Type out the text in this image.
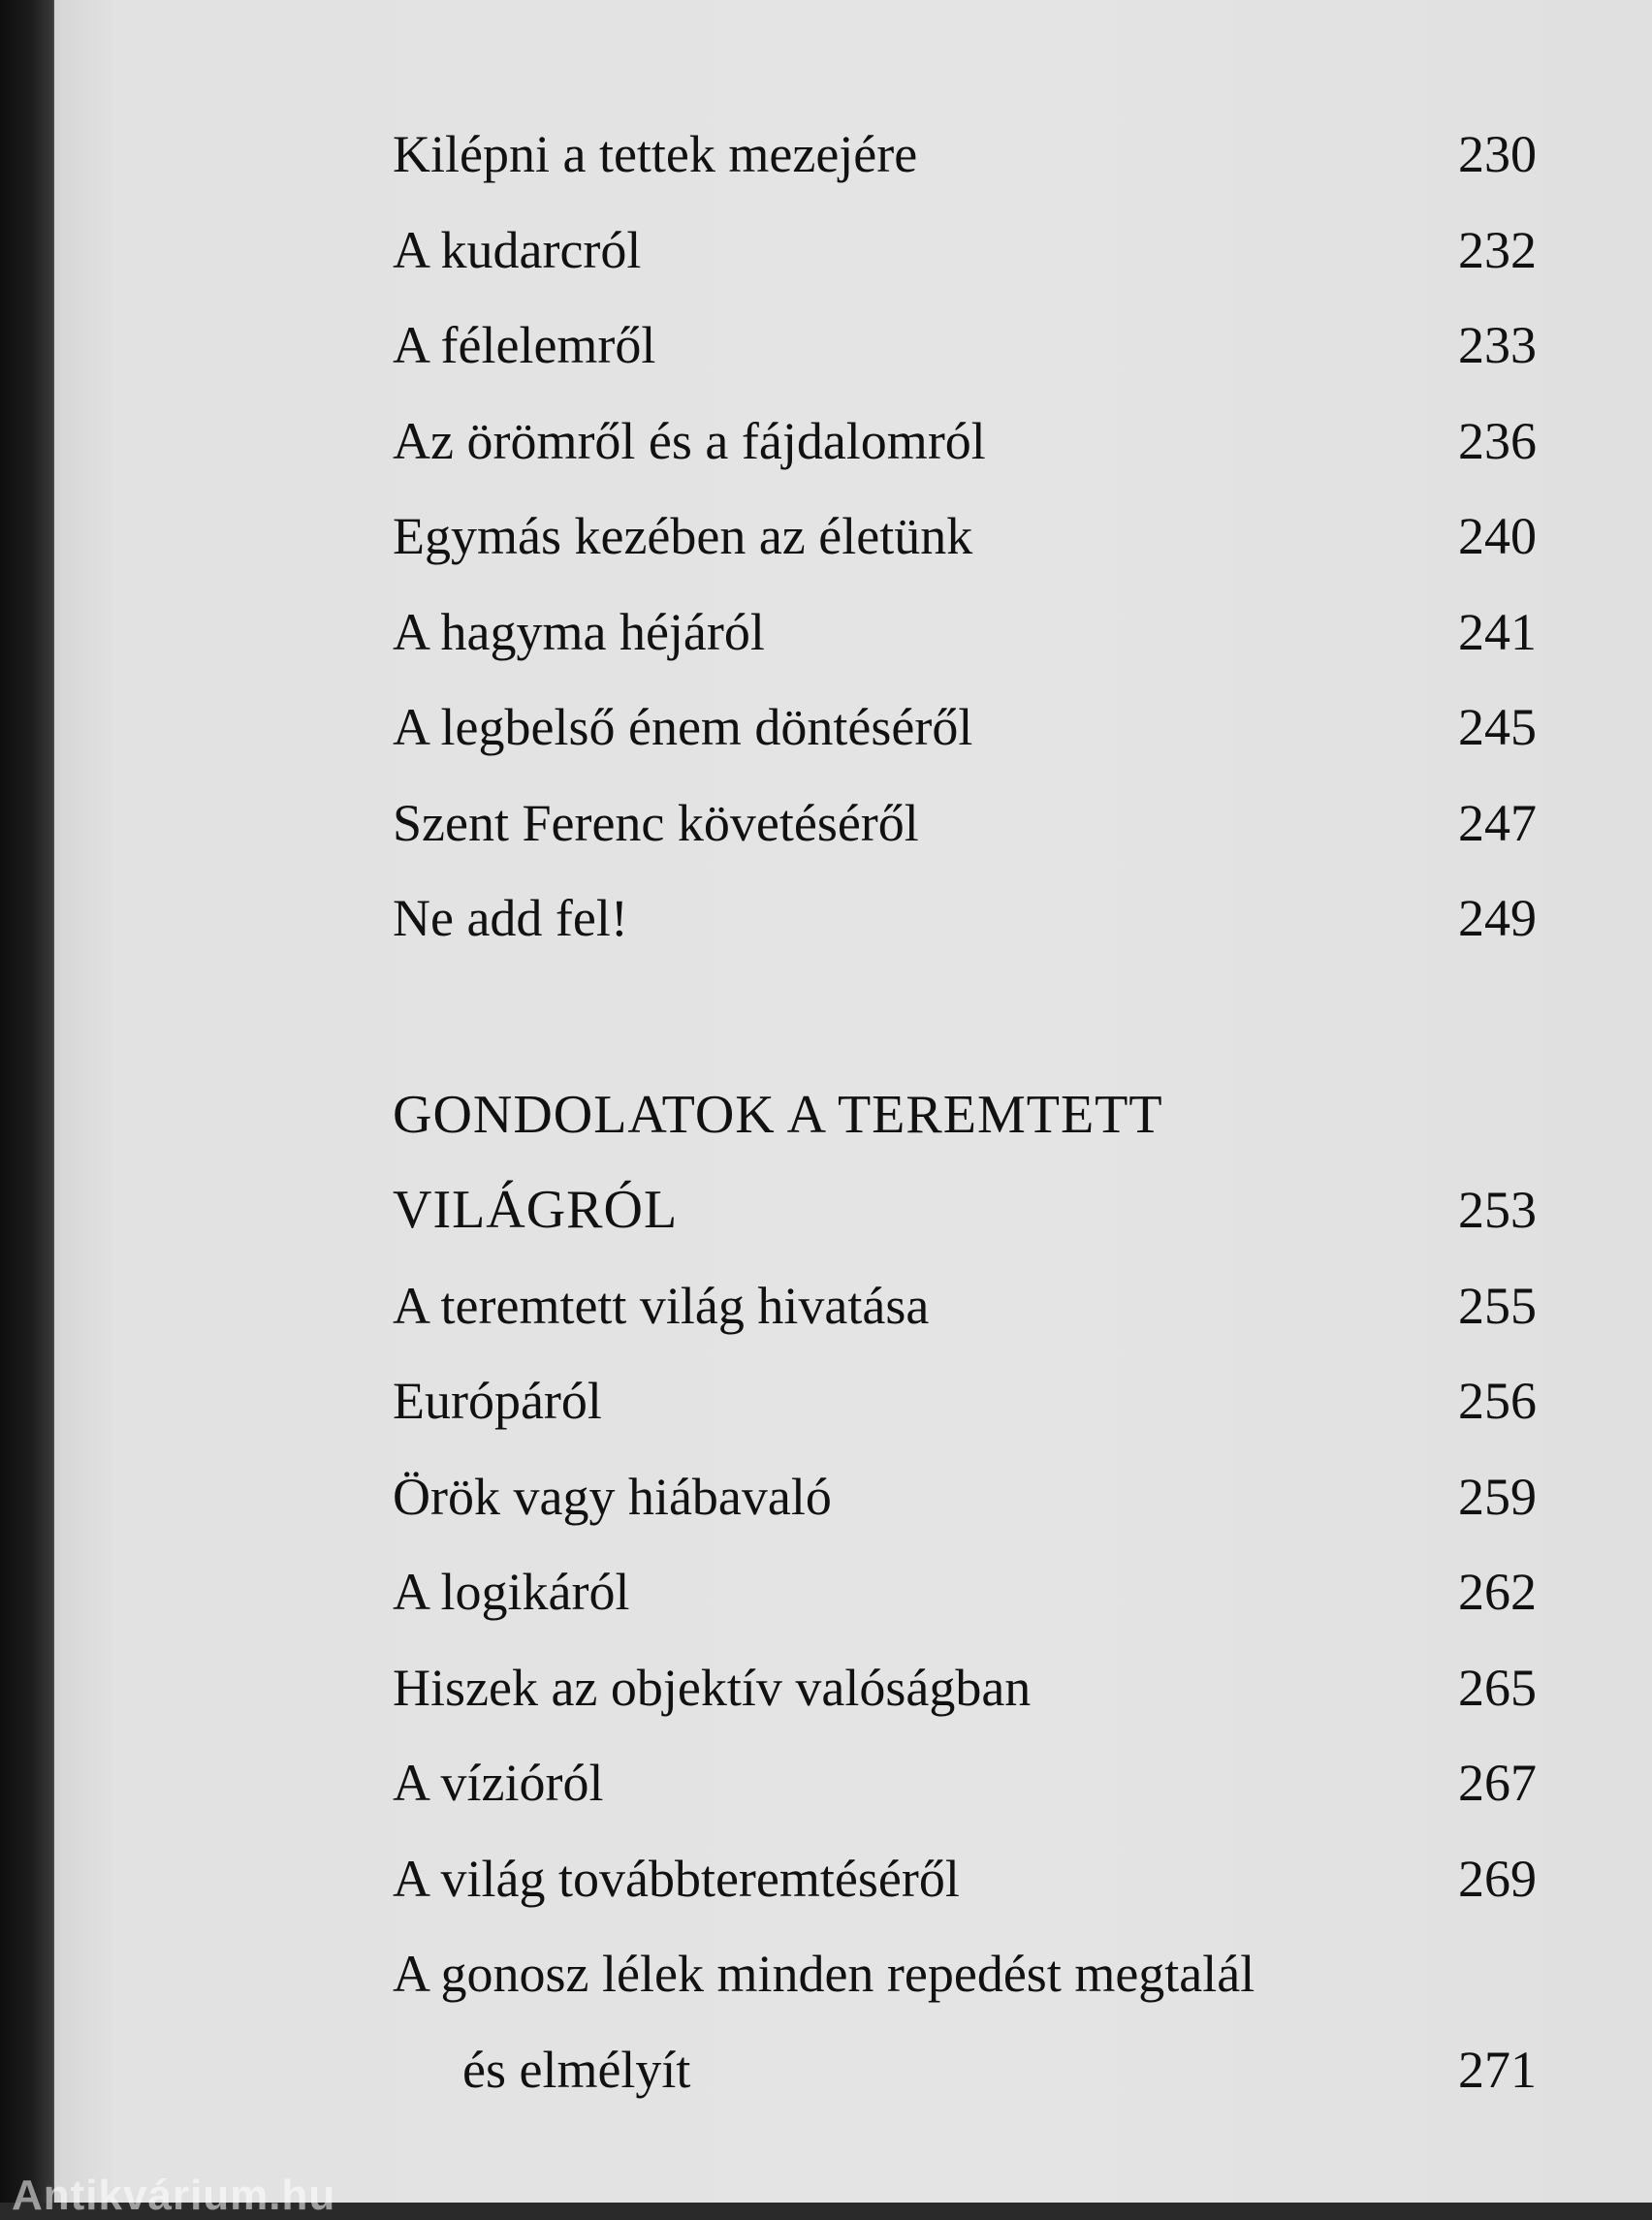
Kilépni a tettek mezejére	230
A kudarcról	232
A félelemről	233
Az örömről és a fájdalomról	236
Egymás kezében az életünk	240
A hagyma héjáról	241
A legbelső énem döntéséről	245
Szent Ferenc követéséről	247
Ne add fel!	249
GONDOLATOK A TEREMTETT
VILÁGRÓL	253
A teremtett világ hivatása	255
Európáról	256
Örök vagy hiábavaló	259
A logikáról	262
Hiszek az objektív valóságban	265
A vízióról	267
A világ továbbteremtéséről	269
A gonosz lélek minden repedést megtalál
és elmélyít	271
Antikvárium.hu
